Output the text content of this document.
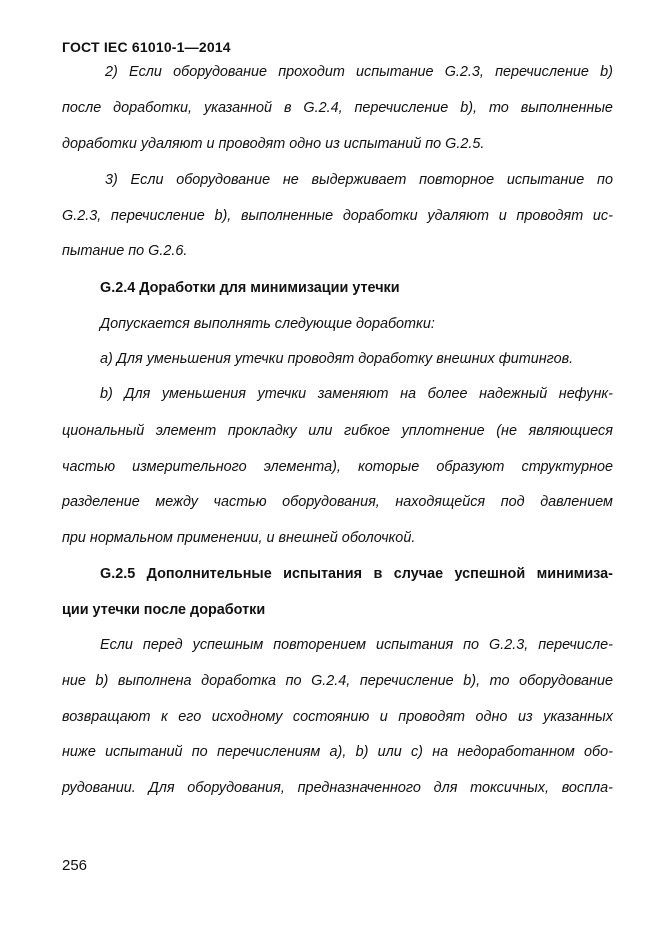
ГОСТ IEC 61010-1—2014
2) Если оборудование проходит испытание G.2.3, перечисление b)
после доработки, указанной в G.2.4, перечисление b), то выполненные
доработки удаляют и проводят одно из испытаний по G.2.5.
3) Если оборудование не выдерживает повторное испытание по
G.2.3, перечисление b), выполненные доработки удаляют и проводят ис-
пытание по G.2.6.
G.2.4 Доработки для минимизации утечки
Допускается выполнять следующие доработки:
a) Для уменьшения утечки проводят доработку внешних фитингов.
b) Для уменьшения утечки заменяют на более надежный нефунк-
циональный элемент прокладку или гибкое уплотнение (не являющиеся
частью измерительного элемента), которые образуют структурное
разделение между частью оборудования, находящейся под давлением
при нормальном применении, и внешней оболочкой.
G.2.5 Дополнительные испытания в случае успешной минимиза-
ции утечки после доработки
Если перед успешным повторением испытания по G.2.3, перечисле-
ние b) выполнена доработка по G.2.4, перечисление b), то оборудование
возвращают к его исходному состоянию и проводят одно из указанных
ниже испытаний по перечислениям a), b) или c) на недоработанном обо-
рудовании. Для оборудования, предназначенного для токсичных, воспла-
256
